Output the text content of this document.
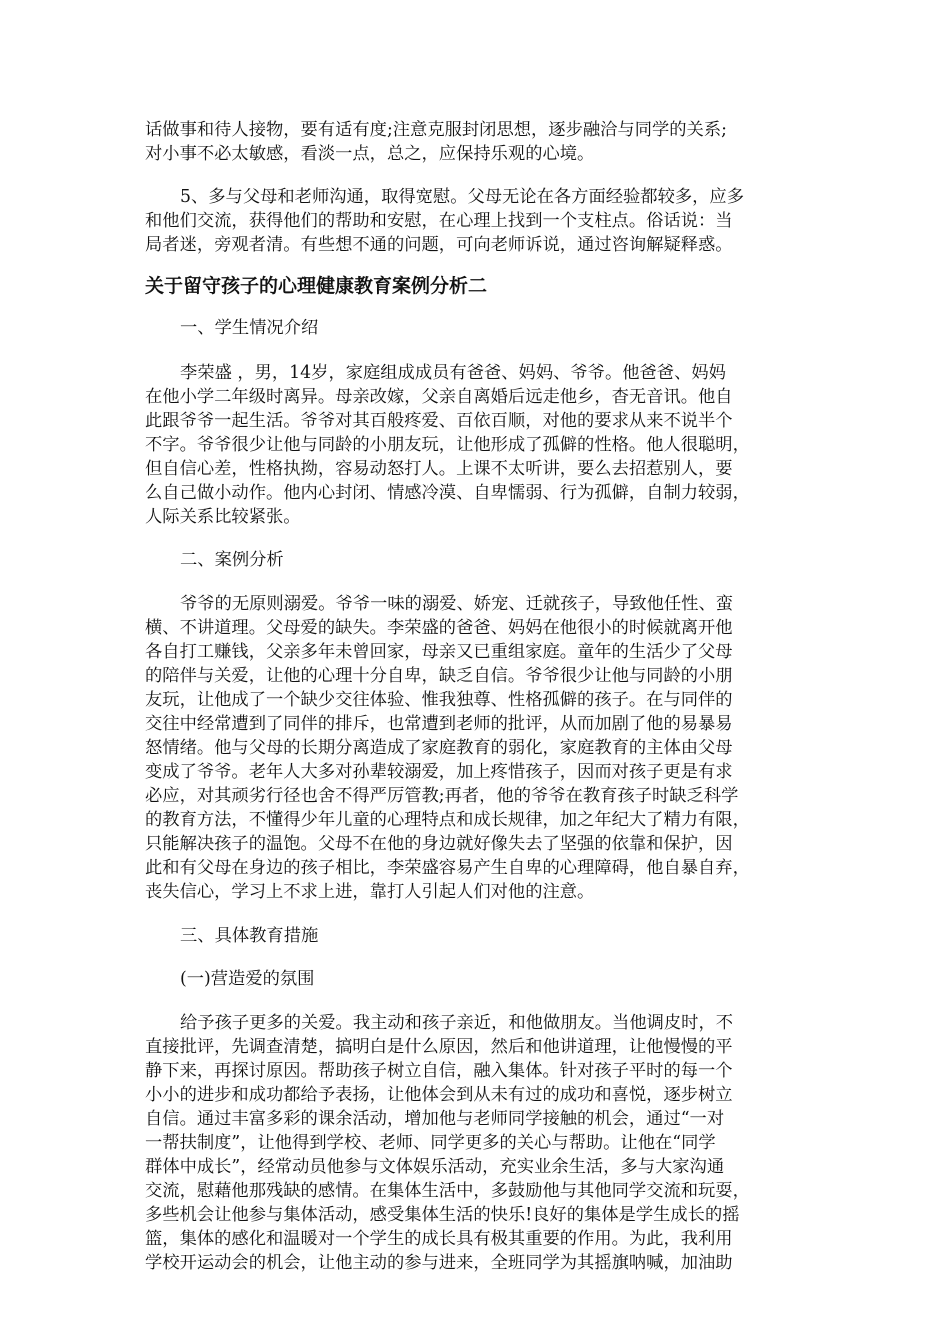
话做事和待人接物，要有适有度;注意克服封闭思想，逐步融洽与同学的关系;
对小事不必太敏感，看淡一点，总之，应保持乐观的心境。
5、多与父母和老师沟通，取得宽慰。父母无论在各方面经验都较多，应多
和他们交流，获得他们的帮助和安慰，在心理上找到一个支柱点。俗话说：当
局者迷，旁观者清。有些想不通的问题，可向老师诉说，通过咨询解疑释惑。
关于留守孩子的心理健康教育案例分析二
一、学生情况介绍
李荣盛 ，男，14岁，家庭组成成员有爸爸、妈妈、爷爷。他爸爸、妈妈
在他小学二年级时离异。母亲改嫁，父亲自离婚后远走他乡，杳无音讯。他自
此跟爷爷一起生活。爷爷对其百般疼爱、百依百顺，对他的要求从来不说半个
不字。爷爷很少让他与同龄的小朋友玩，让他形成了孤僻的性格。他人很聪明，
但自信心差，性格执拗，容易动怒打人。上课不太听讲，要么去招惹别人，要
么自己做小动作。他内心封闭、情感冷漠、自卑懦弱、行为孤僻，自制力较弱，
人际关系比较紧张。
二、案例分析
爷爷的无原则溺爱。爷爷一味的溺爱、娇宠、迁就孩子，导致他任性、蛮
横、不讲道理。父母爱的缺失。李荣盛的爸爸、妈妈在他很小的时候就离开他
各自打工赚钱，父亲多年未曾回家，母亲又已重组家庭。童年的生活少了父母
的陪伴与关爱，让他的心理十分自卑，缺乏自信。爷爷很少让他与同龄的小朋
友玩，让他成了一个缺少交往体验、惟我独尊、性格孤僻的孩子。在与同伴的
交往中经常遭到了同伴的排斥，也常遭到老师的批评，从而加剧了他的易暴易
怒情绪。他与父母的长期分离造成了家庭教育的弱化，家庭教育的主体由父母
变成了爷爷。老年人大多对孙辈较溺爱，加上疼惜孩子，因而对孩子更是有求
必应，对其顽劣行径也舍不得严厉管教;再者，他的爷爷在教育孩子时缺乏科学
的教育方法，不懂得少年儿童的心理特点和成长规律，加之年纪大了精力有限，
只能解决孩子的温饱。父母不在他的身边就好像失去了坚强的依靠和保护，因
此和有父母在身边的孩子相比，李荣盛容易产生自卑的心理障碍，他自暴自弃，
丧失信心，学习上不求上进，靠打人引起人们对他的注意。
三、具体教育措施
(一)营造爱的氛围
给予孩子更多的关爱。我主动和孩子亲近，和他做朋友。当他调皮时，不
直接批评，先调查清楚，搞明白是什么原因，然后和他讲道理，让他慢慢的平
静下来，再探讨原因。帮助孩子树立自信，融入集体。针对孩子平时的每一个
小小的进步和成功都给予表扬，让他体会到从未有过的成功和喜悦，逐步树立
自信。通过丰富多彩的课余活动，增加他与老师同学接触的机会，通过“一对
一帮扶制度”，让他得到学校、老师、同学更多的关心与帮助。让他在“同学
群体中成长”，经常动员他参与文体娱乐活动，充实业余生活，多与大家沟通
交流，慰藉他那残缺的感情。在集体生活中，多鼓励他与其他同学交流和玩耍，
多些机会让他参与集体活动，感受集体生活的快乐!良好的集体是学生成长的摇
篮，集体的感化和温暖对一个学生的成长具有极其重要的作用。为此，我利用
学校开运动会的机会，让他主动的参与进来，全班同学为其摇旗呐喊，加油助
